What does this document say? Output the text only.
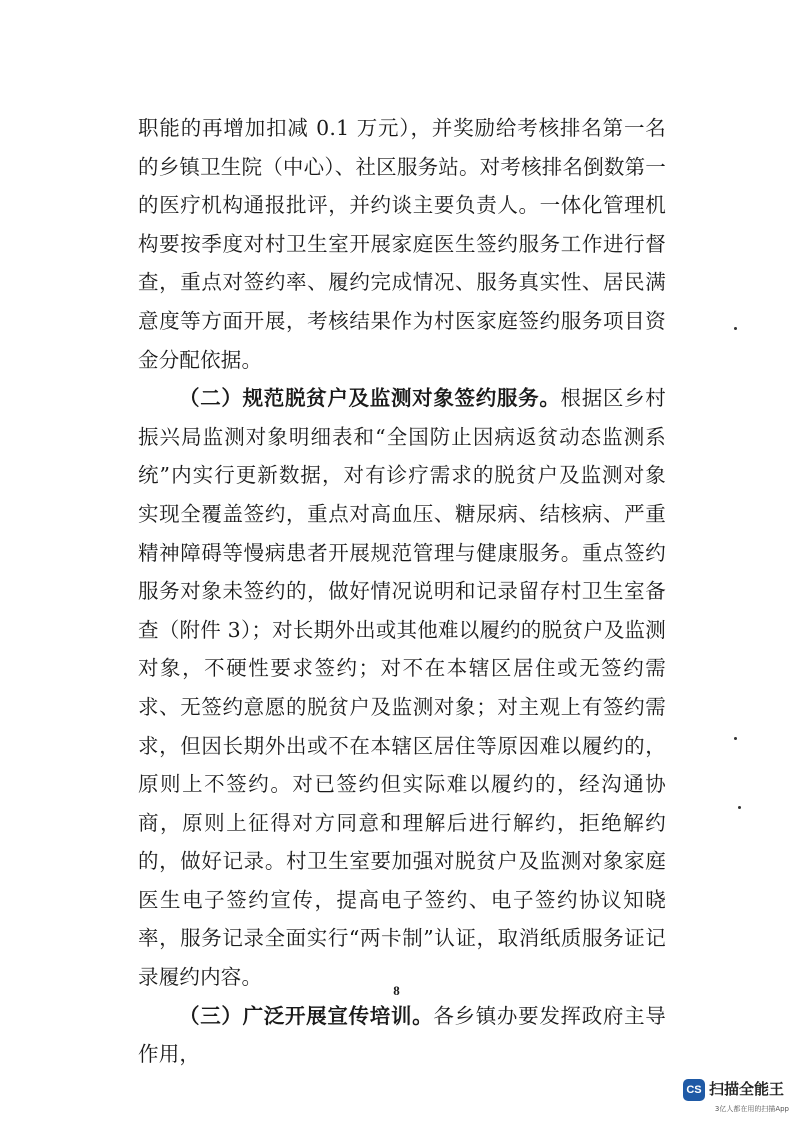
职能的再增加扣减 0.1 万元），并奖励给考核排名第一名的乡镇卫生院（中心）、社区服务站。对考核排名倒数第一的医疗机构通报批评，并约谈主要负责人。一体化管理机构要按季度对村卫生室开展家庭医生签约服务工作进行督查，重点对签约率、履约完成情况、服务真实性、居民满意度等方面开展，考核结果作为村医家庭签约服务项目资金分配依据。

（二）规范脱贫户及监测对象签约服务。根据区乡村振兴局监测对象明细表和“全国防止因病返贫动态监测系统”内实行更新数据，对有诊疗需求的脱贫户及监测对象实现全覆盖签约，重点对高血压、糖尿病、结核病、严重精神障碍等慢病患者开展规范管理与健康服务。重点签约服务对象未签约的，做好情况说明和记录留存村卫生室备查（附件 3）；对长期外出或其他难以履约的脱贫户及监测对象，不硬性要求签约；对不在本辖区居住或无签约需求、无签约意愿的脱贫户及监测对象；对主观上有签约需求，但因长期外出或不在本辖区居住等原因难以履约的，原则上不签约。对已签约但实际难以履约的，经沟通协商，原则上征得对方同意和理解后进行解约，拒绝解约的，做好记录。村卫生室要加强对脱贫户及监测对象家庭医生电子签约宣传，提高电子签约、电子签约协议知晓率，服务记录全面实行“两卡制”认证，取消纸质服务证记录履约内容。

（三）广泛开展宣传培训。各乡镇办要发挥政府主导作用，

8
CS 扫描全能王
3亿人都在用的扫描App
